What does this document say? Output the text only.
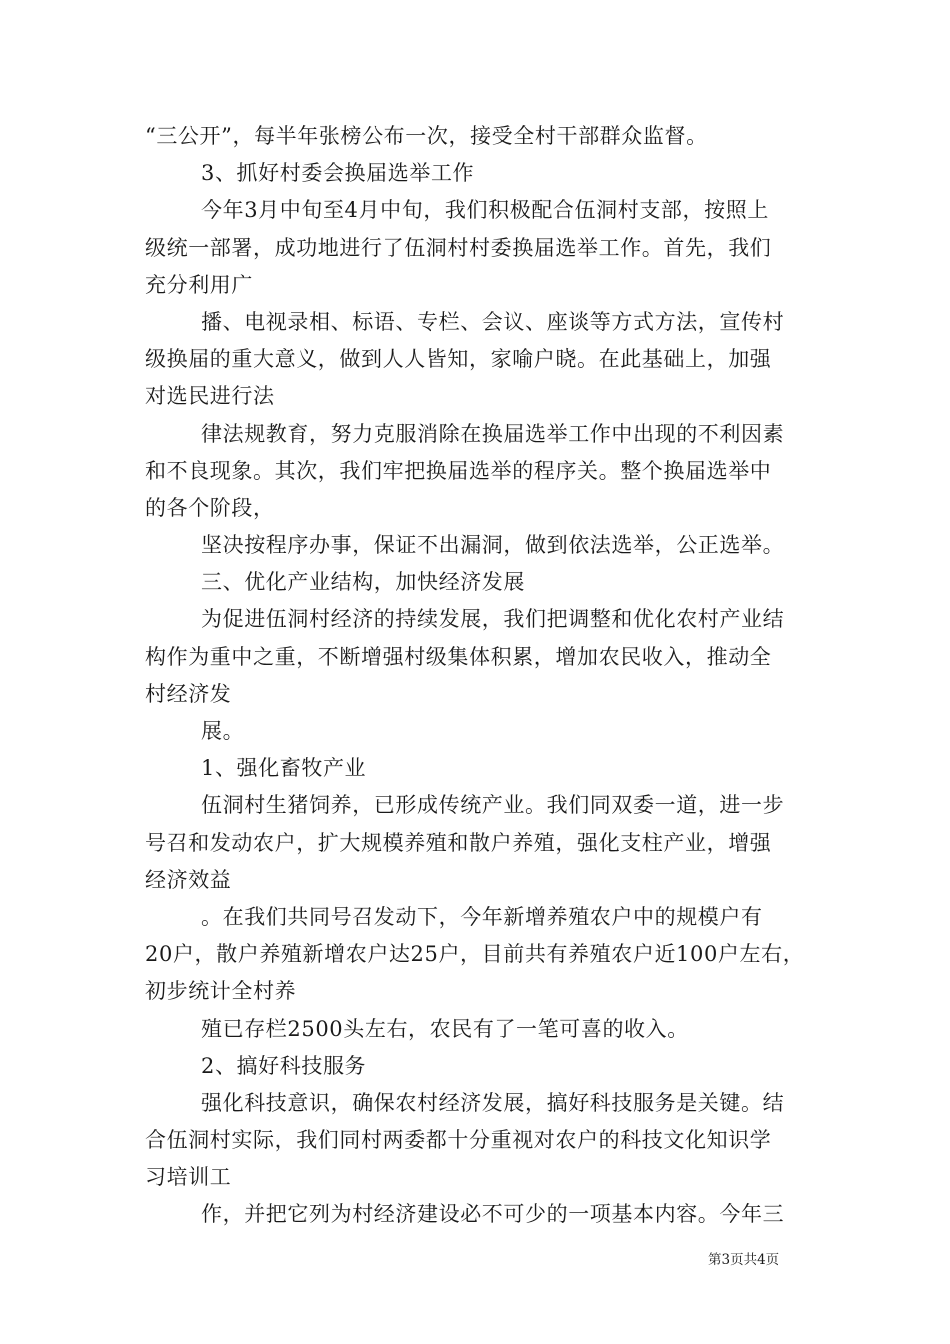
“三公开”，每半年张榜公布一次，接受全村干部群众监督。
3、抓好村委会换届选举工作
今年3月中旬至4月中旬，我们积极配合伍洞村支部，按照上
级统一部署，成功地进行了伍洞村村委换届选举工作。首先，我们
充分利用广
播、电视录相、标语、专栏、会议、座谈等方式方法，宣传村
级换届的重大意义，做到人人皆知，家喻户晓。在此基础上，加强
对选民进行法
律法规教育，努力克服消除在换届选举工作中出现的不利因素
和不良现象。其次，我们牢把换届选举的程序关。整个换届选举中
的各个阶段，
坚决按程序办事，保证不出漏洞，做到依法选举，公正选举。
三、优化产业结构，加快经济发展
为促进伍洞村经济的持续发展，我们把调整和优化农村产业结
构作为重中之重，不断增强村级集体积累，增加农民收入，推动全
村经济发
展。
1、强化畜牧产业
伍洞村生猪饲养，已形成传统产业。我们同双委一道，进一步
号召和发动农户，扩大规模养殖和散户养殖，强化支柱产业，增强
经济效益
。在我们共同号召发动下，今年新增养殖农户中的规模户有
20户，散户养殖新增农户达25户，目前共有养殖农户近100户左右，
初步统计全村养
殖已存栏2500头左右，农民有了一笔可喜的收入。
2、搞好科技服务
强化科技意识，确保农村经济发展，搞好科技服务是关键。结
合伍洞村实际，我们同村两委都十分重视对农户的科技文化知识学
习培训工
作，并把它列为村经济建设必不可少的一项基本内容。今年三
第3页共4页
